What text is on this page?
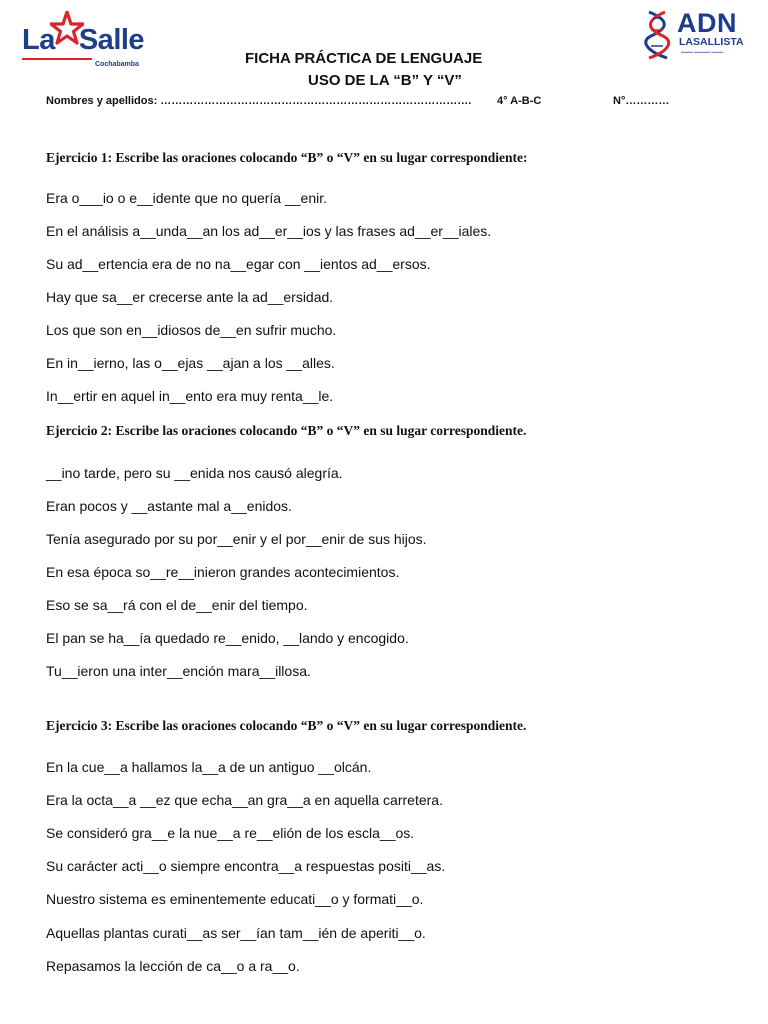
La Salle
Cochabamba
ADN
LASALLISTA
▬▬▬ ▬▬▬▬ ▬▬▬
FICHA PRÁCTICA DE LENGUAJE
USO DE LA “B” Y “V”
Nombres y apellidos: …………………………………………………………………………. 4° A-B-C	N°…………
Ejercicio 1: Escribe las oraciones colocando “B” o “V” en su lugar correspondiente:
Era o___io o e__idente que no quería __enir.
En el análisis a__unda__an los ad__er__ios y las frases ad__er__iales.
Su ad__ertencia era de no na__egar con __ientos ad__ersos.
Hay que sa__er crecerse ante la ad__ersidad.
Los que son en__idiosos de__en sufrir mucho.
En in__ierno, las o__ejas __ajan a los __alles.
In__ertir en aquel in__ento era muy renta__le.
Ejercicio 2: Escribe las oraciones colocando “B” o “V” en su lugar correspondiente.
__ino tarde, pero su __enida nos causó alegría.
Eran pocos y __astante mal a__enidos.
Tenía asegurado por su por__enir y el por__enir de sus hijos.
En esa época so__re__inieron grandes acontecimientos.
Eso se sa__rá con el de__enir del tiempo.
El pan se ha__ía quedado re__enido, __lando y encogido.
Tu__ieron una inter__ención mara__illosa.
Ejercicio 3: Escribe las oraciones colocando “B” o “V” en su lugar correspondiente.
En la cue__a hallamos la__a de un antiguo __olcán.
Era la octa__a __ez que echa__an gra__a en aquella carretera.
Se consideró gra__e la nue__a re__elión de los escla__os.
Su carácter acti__o siempre encontra__a respuestas positi__as.
Nuestro sistema es eminentemente educati__o y formati__o.
Aquellas plantas curati__as ser__ían tam__ién de aperiti__o.
Repasamos la lección de ca__o a ra__o.
